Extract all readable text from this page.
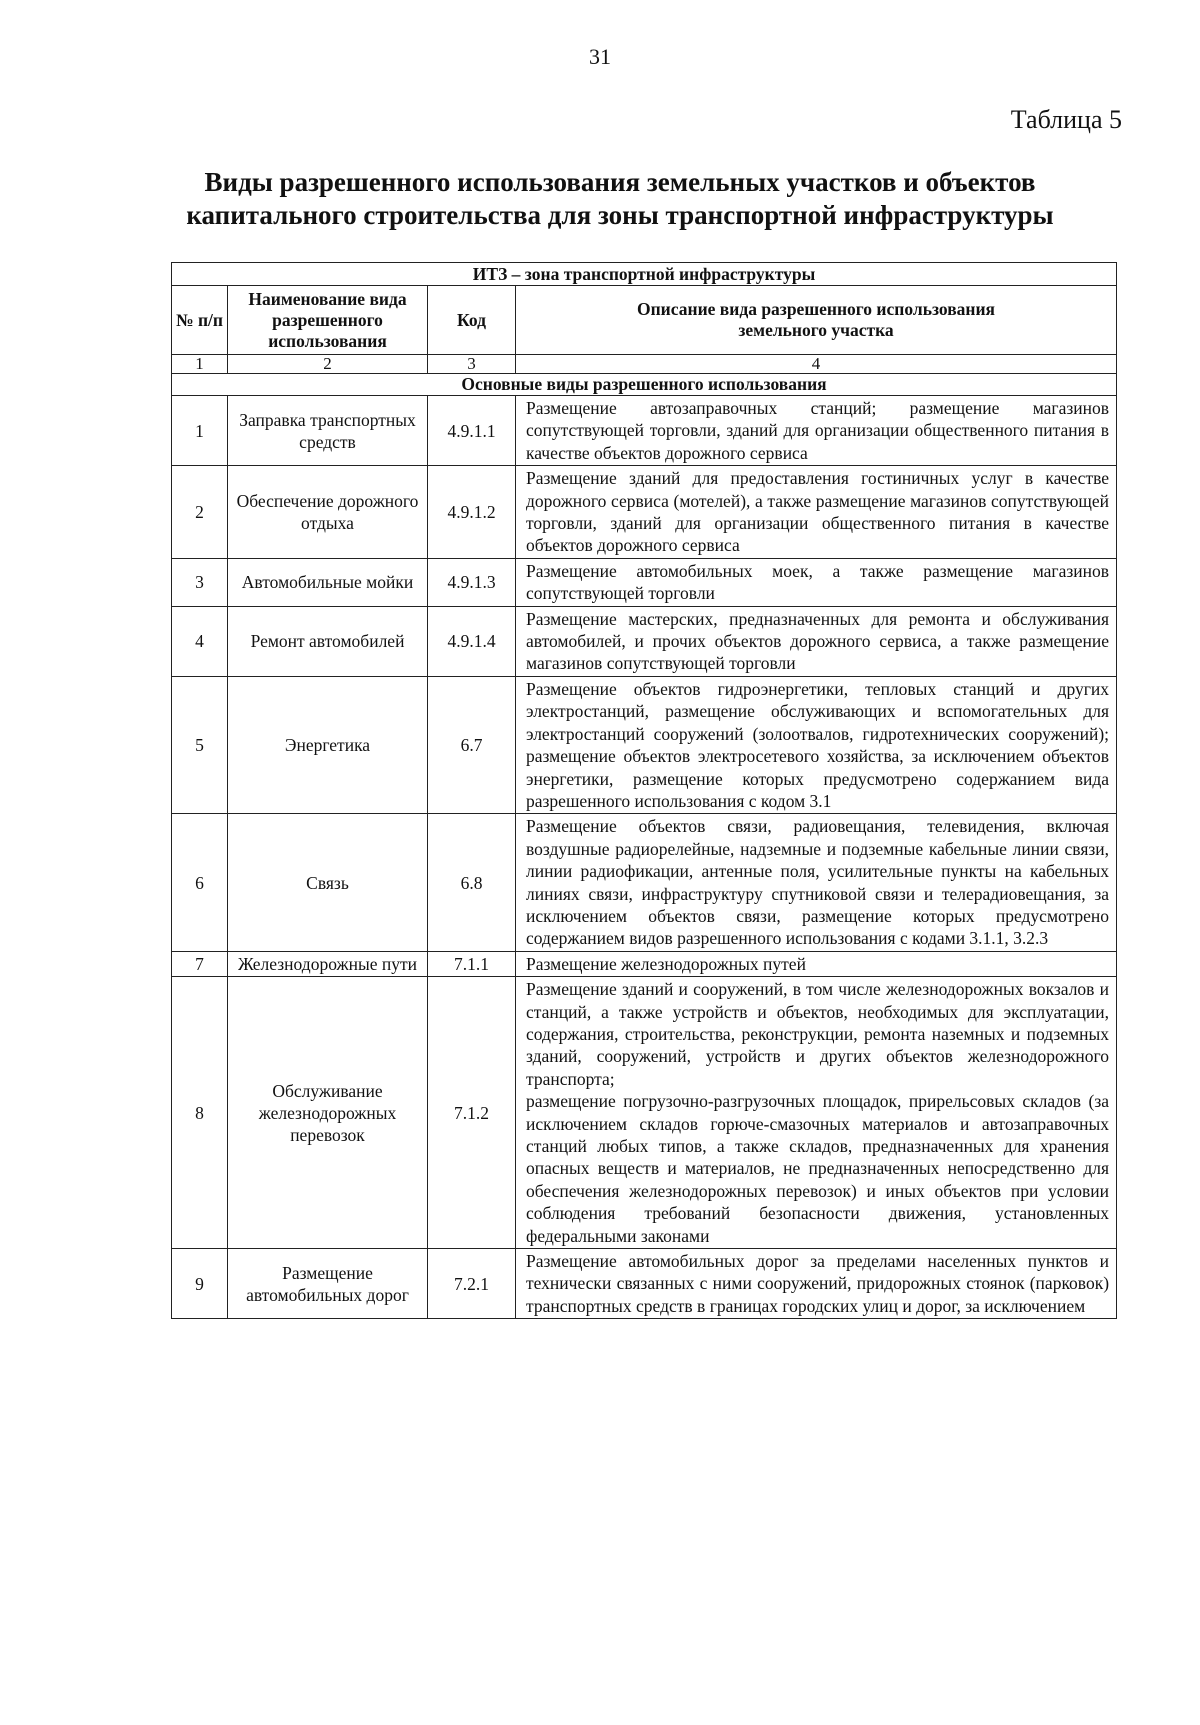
31
Таблица 5
Виды разрешенного использования земельных участков и объектов
капитального строительства для зоны транспортной инфраструктуры
ИТЗ – зона транспортной инфраструктуры			
№ п/п	Наименование вида разрешенного использования	Код	Описание вида разрешенного использования земельного участка
1	2	3	4
Основные виды разрешенного использования			
1	Заправка транспортных средств	4.9.1.1	Размещение автозаправочных станций; размещение магазинов сопутствующей торговли, зданий для организации общественного питания в качестве объектов дорожного сервиса
2	Обеспечение дорожного отдыха	4.9.1.2	Размещение зданий для предоставления гостиничных услуг в качестве дорожного сервиса (мотелей), а также размещение магазинов сопутствующей торговли, зданий для организации общественного питания в качестве объектов дорожного сервиса
3	Автомобильные мойки	4.9.1.3	Размещение автомобильных моек, а также размещение магазинов сопутствующей торговли
4	Ремонт автомобилей	4.9.1.4	Размещение мастерских, предназначенных для ремонта и обслуживания автомобилей, и прочих объектов дорожного сервиса, а также размещение магазинов сопутствующей торговли
5	Энергетика	6.7	Размещение объектов гидроэнергетики, тепловых станций и других электростанций, размещение обслуживающих и вспомогательных для электростанций сооружений (золоотвалов, гидротехнических сооружений); размещение объектов электросетевого хозяйства, за исключением объектов энергетики, размещение которых предусмотрено содержанием вида разрешенного использования с кодом 3.1
6	Связь	6.8	Размещение объектов связи, радиовещания, телевидения, включая воздушные радиорелейные, надземные и подземные кабельные линии связи, линии радиофикации, антенные поля, усилительные пункты на кабельных линиях связи, инфраструктуру спутниковой связи и телерадиовещания, за исключением объектов связи, размещение которых предусмотрено содержанием видов разрешенного использования с кодами 3.1.1, 3.2.3
7	Железнодорожные пути	7.1.1	Размещение железнодорожных путей
8	Обслуживание железнодорожных перевозок	7.1.2	Размещение зданий и сооружений, в том числе железнодорожных вокзалов и станций, а также устройств и объектов, необходимых для эксплуатации, содержания, строительства, реконструкции, ремонта наземных и подземных зданий, сооружений, устройств и других объектов железнодорожного транспорта;
размещение погрузочно-разгрузочных площадок, прирельсовых складов (за исключением складов горюче-смазочных материалов и автозаправочных станций любых типов, а также складов, предназначенных для хранения опасных веществ и материалов, не предназначенных непосредственно для обеспечения железнодорожных перевозок) и иных объектов при условии соблюдения требований безопасности движения, установленных федеральными законами

9	Размещение автомобильных дорог	7.2.1	Размещение автомобильных дорог за пределами населенных пунктов и технически связанных с ними сооружений, придорожных стоянок (парковок) транспортных средств в границах городских улиц и дорог, за исключением
